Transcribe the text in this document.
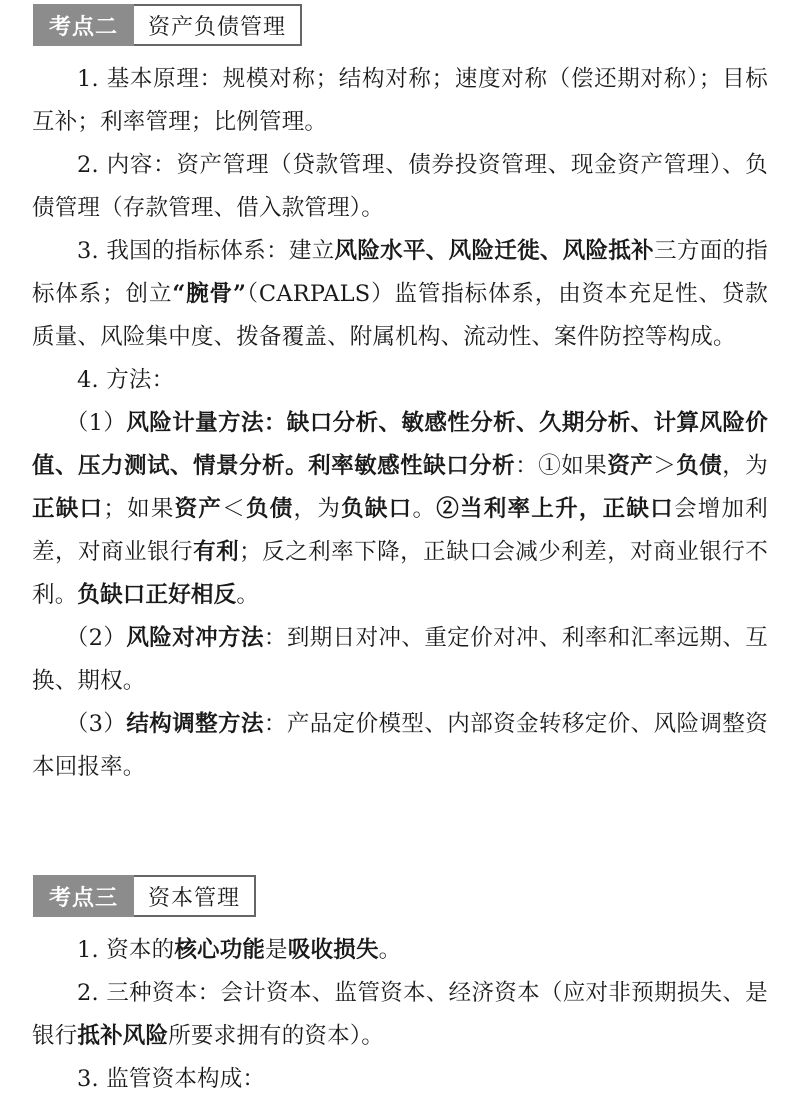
考点二	资产负债管理

1. 基本原理：规模对称；结构对称；速度对称（偿还期对称）；目标互补；利率管理；比例管理。

2. 内容：资产管理（贷款管理、债券投资管理、现金资产管理）、负债管理（存款管理、借入款管理）。

3. 我国的指标体系：建立风险水平、风险迁徙、风险抵补三方面的指标体系；创立“腕骨”（CARPALS）监管指标体系，由资本充足性、贷款质量、风险集中度、拨备覆盖、附属机构、流动性、案件防控等构成。

4. 方法：

（1）风险计量方法：缺口分析、敏感性分析、久期分析、计算风险价值、压力测试、情景分析。利率敏感性缺口分析：①如果资产＞负债，为正缺口；如果资产＜负债，为负缺口。②当利率上升，正缺口会增加利差，对商业银行有利；反之利率下降，正缺口会减少利差，对商业银行不利。负缺口正好相反。

（2）风险对冲方法：到期日对冲、重定价对冲、利率和汇率远期、互换、期权。

（3）结构调整方法：产品定价模型、内部资金转移定价、风险调整资本回报率。

考点三	资本管理

1. 资本的核心功能是吸收损失。

2. 三种资本：会计资本、监管资本、经济资本（应对非预期损失、是银行抵补风险所要求拥有的资本）。

3. 监管资本构成：
